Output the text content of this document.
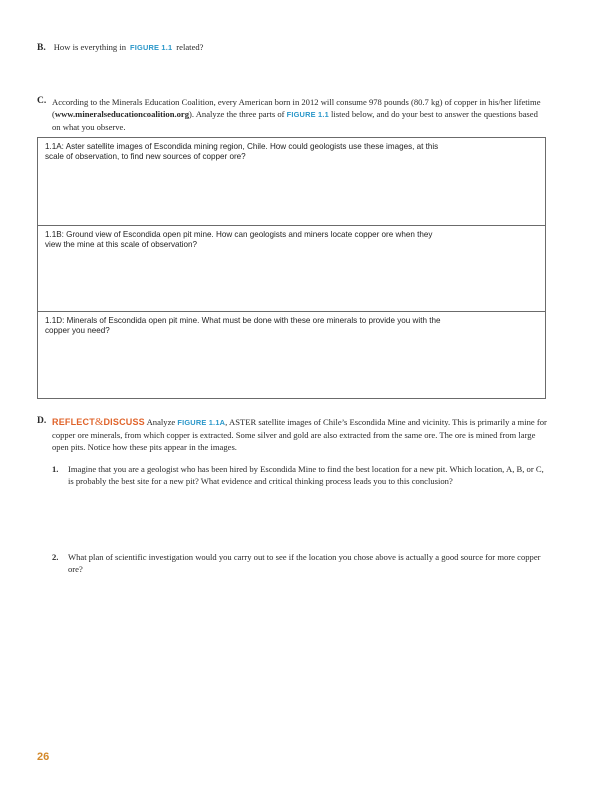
B. How is everything in FIGURE 1.1 related?
C. According to the Minerals Education Coalition, every American born in 2012 will consume 978 pounds (80.7 kg) of copper in his/her lifetime (www.mineralseducationcoalition.org). Analyze the three parts of FIGURE 1.1 listed below, and do your best to answer the questions based on what you observe.
1.1A: Aster satellite images of Escondida mining region, Chile. How could geologists use these images, at this scale of observation, to find new sources of copper ore?
1.1B: Ground view of Escondida open pit mine. How can geologists and miners locate copper ore when they view the mine at this scale of observation?
1.1D: Minerals of Escondida open pit mine. What must be done with these ore minerals to provide you with the copper you need?
D. REFLECT&DISCUSS Analyze FIGURE 1.1A, ASTER satellite images of Chile’s Escondida Mine and vicinity. This is primarily a mine for copper ore minerals, from which copper is extracted. Some silver and gold are also extracted from the same ore. The ore is mined from large open pits. Notice how these pits appear in the images.
1. Imagine that you are a geologist who has been hired by Escondida Mine to find the best location for a new pit. Which location, A, B, or C, is probably the best site for a new pit? What evidence and critical thinking process leads you to this conclusion?
2. What plan of scientific investigation would you carry out to see if the location you chose above is actually a good source for more copper ore?
26
